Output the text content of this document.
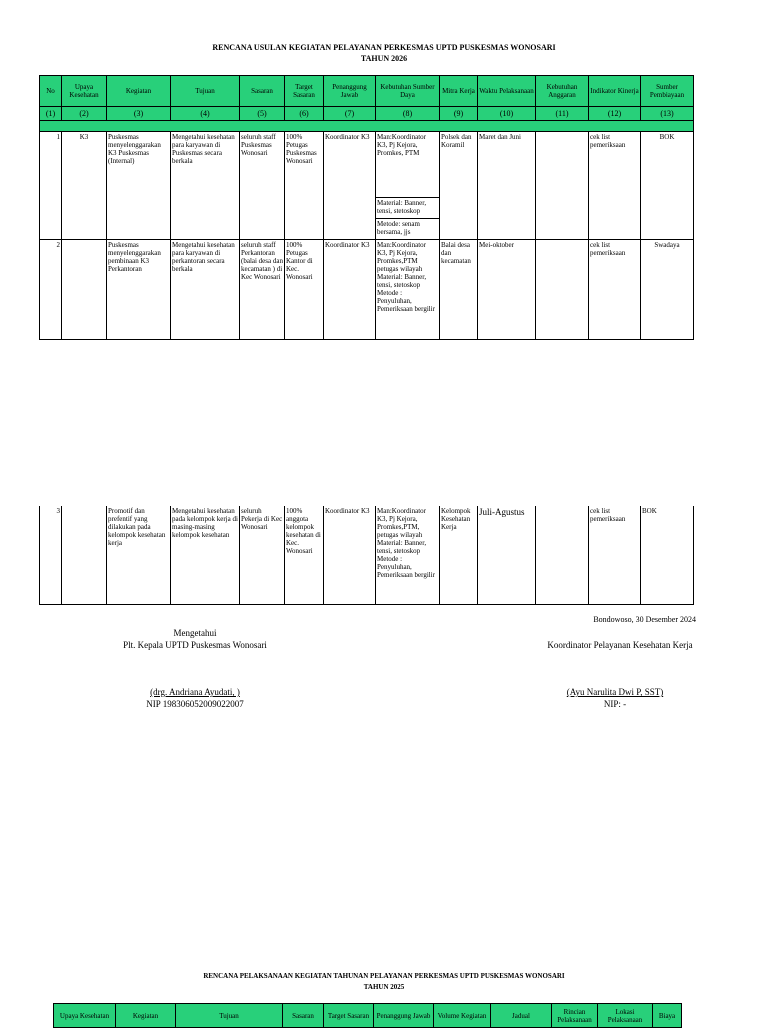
RENCANA USULAN KEGIATAN PELAYANAN PERKESMAS UPTD PUSKESMAS WONOSARI
TAHUN 2026
No	Upaya Kesehatan	Kegiatan	Tujuan	Sasaran	Target Sasaran	Penanggung Jawab	Kebutuhan Sumber Daya	Mitra Kerja	Waktu Pelaksanaan	Kebutuhan Anggaran	Indikator Kinerja	Sumber Pembiayaan
(1)	(2)	(3)	(4)	(5)	(6)	(7)	(8)	(9)	(10)	(11)	(12)	(13)

1	K3	Puskesmas menyelenggarakan K3 Puskesmas (Internal)	Mengetahui kesehatan para karyawan di Puskesmas secara berkala	seluruh staff Puskesmas Wonosari	100% Petugas Puskesmas Wonosari	Koordinator K3	Man:Koordinator K3, Pj Kejora, Promkes, PTM
Material: Banner, tensi, stetoskop
Metode: senam bersama, jjs	Polsek dan Koramil	Maret dan Juni		cek list pemeriksaan	BOK
2		Puskesmas menyelenggarakan pembinaan K3 Perkantoran	Mengetahui kesehatan para karyawan di perkantoran secara berkala	seluruh staff Perkantoran (balai desa dan kecamatan ) di Kec Wonosari	100% Petugas Kantor di Kec. Wonosari	Koordinator K3	Man:Koordinator K3, Pj Kejora, Promkes,PTM petugas wilayah Material: Banner, tensi, stetoskop Metode : Penyuluhan, Pemeriksaan bergilir	Balai desa dan kecamatan	Mei-oktober		cek list pemeriksaan	Swadaya
3		Promotif dan prefentif yang dilakukan pada kelompok kesehatan kerja	Mengetahui kesehatan pada kelompok kerja di masing-masing kelompok kesehatan	seluruh Pekerja di Kec Wonosari	100% anggota kelompok kesehatan di Kec. Wonosari	Koordinator K3	Man:Koordinator K3, Pj Kejora, Promkes,PTM, petugas wilayah Material: Banner, tensi, stetoskop Metode : Penyuluhan, Pemeriksaan bergilir	Kelompok Kesehatan Kerja	Juli-Agustus		cek list pemeriksaan	BOK
Bondowoso, 30 Desember 2024
Mengetahui
Plt. Kepala UPTD Puskesmas Wonosari
(drg. Andriana Ayudati, )
NIP 198306052009022007
Koordinator Pelayanan Kesehatan Kerja
(Ayu Narulita Dwi P, SST)
NIP: -
RENCANA PELAKSANAAN KEGIATAN TAHUNAN PELAYANAN PERKESMAS UPTD PUSKESMAS WONOSARI
TAHUN 2025
Upaya Kesehatan	Kegiatan	Tujuan	Sasaran	Target Sasaran	Penanggung Jawab	Volume Kegiatan	Jadual	Rincian Pelaksanaan	Lokasi Pelaksanaan	Biaya
